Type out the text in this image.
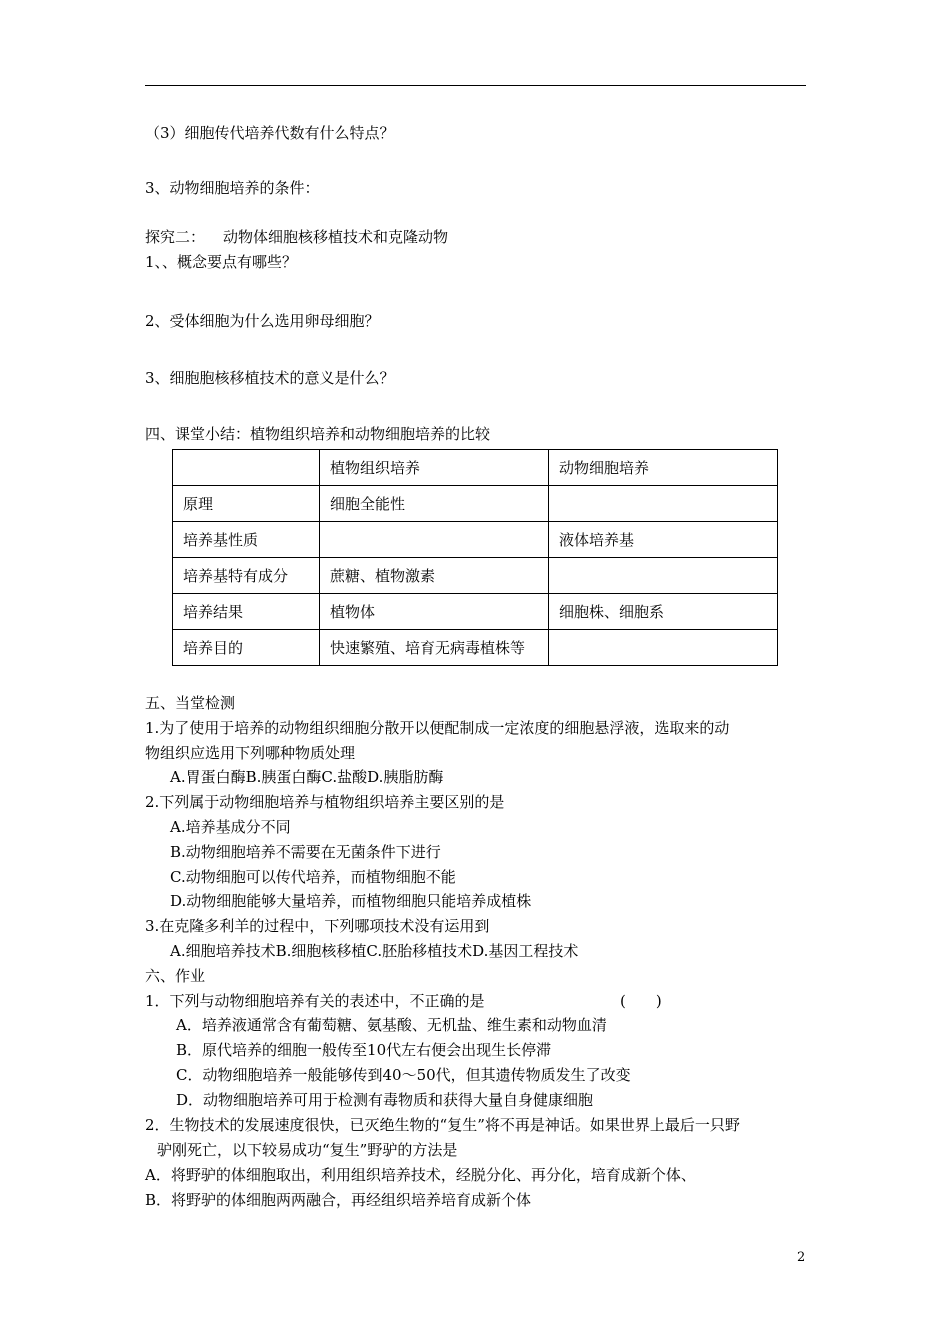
（3）细胞传代培养代数有什么特点？
3、动物细胞培养的条件：
探究二： 动物体细胞核移植技术和克隆动物
1、、概念要点有哪些？
2、受体细胞为什么选用卵母细胞？
3、细胞胞核移植技术的意义是什么？
四、课堂小结：植物组织培养和动物细胞培养的比较
	植物组织培养	动物细胞培养
原理	细胞全能性	
培养基性质		液体培养基
培养基特有成分	蔗糖、植物激素	
培养结果	植物体	细胞株、细胞系
培养目的	快速繁殖、培育无病毒植株等	
五、当堂检测
1.为了使用于培养的动物组织细胞分散开以便配制成一定浓度的细胞悬浮液，选取来的动
物组织应选用下列哪种物质处理
A.胃蛋白酶B.胰蛋白酶C.盐酸D.胰脂肪酶
2.下列属于动物细胞培养与植物组织培养主要区别的是
A.培养基成分不同
B.动物细胞培养不需要在无菌条件下进行
C.动物细胞可以传代培养，而植物细胞不能
D.动物细胞能够大量培养，而植物细胞只能培养成植株
3.在克隆多利羊的过程中，下列哪项技术没有运用到
A.细胞培养技术B.细胞核移植C.胚胎移植技术D.基因工程技术
六、作业
1．下列与动物细胞培养有关的表述中，不正确的是	(　　)
A．培养液通常含有葡萄糖、氨基酸、无机盐、维生素和动物血清
B．原代培养的细胞一般传至10代左右便会出现生长停滞
C．动物细胞培养一般能够传到40～50代，但其遗传物质发生了改变
D．动物细胞培养可用于检测有毒物质和获得大量自身健康细胞
2．生物技术的发展速度很快，已灭绝生物的“复生”将不再是神话。如果世界上最后一只野
驴刚死亡，以下较易成功“复生”野驴的方法是
A．将野驴的体细胞取出，利用组织培养技术，经脱分化、再分化，培育成新个体、
B．将野驴的体细胞两两融合，再经组织培养培育成新个体
2
